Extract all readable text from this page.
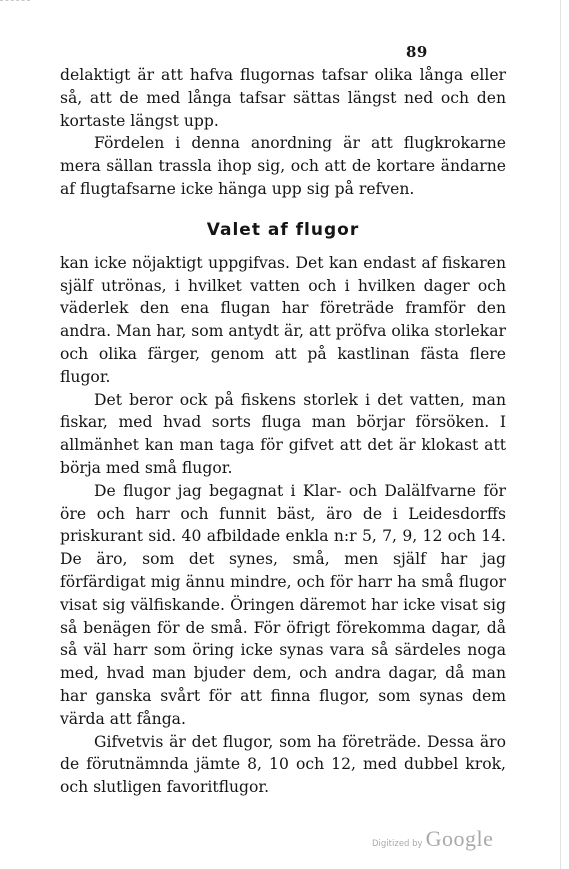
89

delaktigt är att hafva flugornas tafsar olika långa eller så, att de med långa tafsar sättas längst ned och den kortaste längst upp.

Fördelen i denna anordning är att flugkrokarne mera sällan trassla ihop sig, och att de kortare ändarne af flugtafsarne icke hänga upp sig på refven.

Valet af flugor

kan icke nöjaktigt uppgifvas. Det kan endast af fiskaren själf utrönas, i hvilket vatten och i hvilken dager och väderlek den ena flugan har företräde framför den andra. Man har, som antydt är, att pröfva olika storlekar och olika färger, genom att på kastlinan fästa flere flugor.

Det beror ock på fiskens storlek i det vatten, man fiskar, med hvad sorts fluga man börjar försöken. I allmänhet kan man taga för gifvet att det är klokast att börja med små flugor.

De flugor jag begagnat i Klar- och Dalälfvarne för öre och harr och funnit bäst, äro de i Leidesdorffs priskurant sid. 40 afbildade enkla n:r 5, 7, 9, 12 och 14. De äro, som det synes, små, men själf har jag förfärdigat mig ännu mindre, och för harr ha små flugor visat sig välfiskande. Öringen däremot har icke visat sig så benägen för de små. För öfrigt förekomma dagar, då så väl harr som öring icke synas vara så särdeles noga med, hvad man bjuder dem, och andra dagar, då man har ganska svårt för att finna flugor, som synas dem värda att fånga.

Gifvetvis är det flugor, som ha företräde. Dessa äro de förutnämnda jämte 8, 10 och 12, med dubbel krok, och slutligen favoritflugor.

Digitized by Google
